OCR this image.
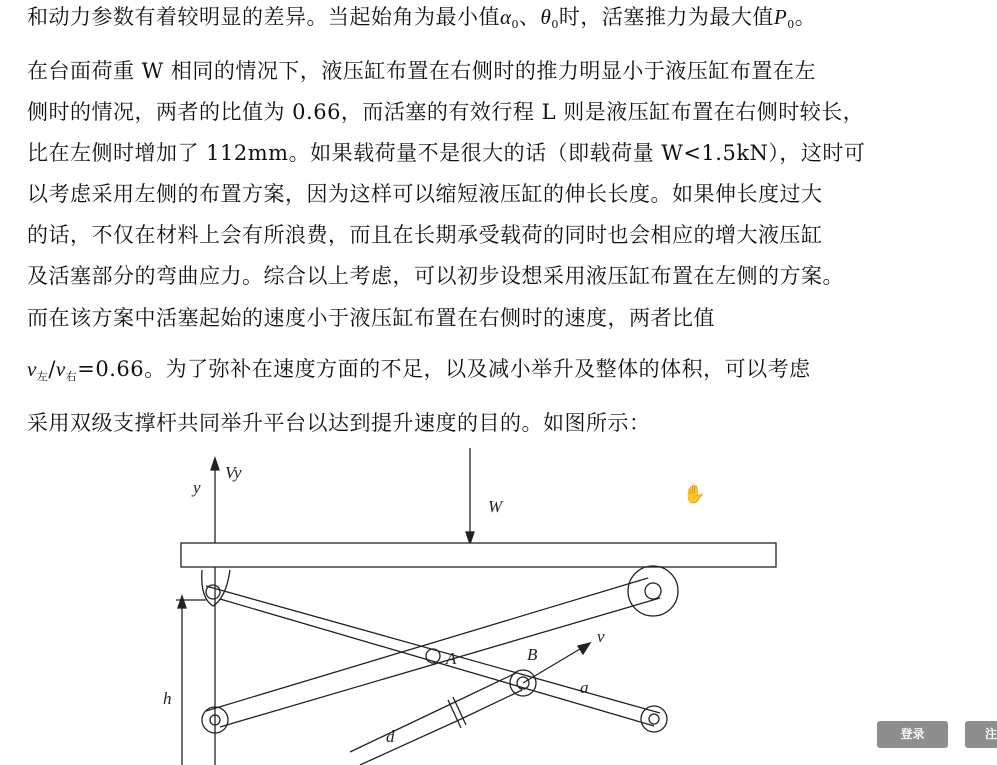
和动力参数有着较明显的差异。当起始角为最小值$\alpha_0$、$\theta_0$时，活塞推力为最大值$P_0$。
在台面荷重 W 相同的情况下，液压缸布置在右侧时的推力明显小于液压缸布置在左
侧时的情况，两者的比值为 0.66，而活塞的有效行程 L 则是液压缸布置在右侧时较长，
比在左侧时增加了 112mm。如果载荷量不是很大的话（即载荷量 W<1.5kN），这时可
以考虑采用左侧的布置方案，因为这样可以缩短液压缸的伸长长度。如果伸长度过大
的话，不仅在材料上会有所浪费，而且在长期承受载荷的同时也会相应的增大液压缸
及活塞部分的弯曲应力。综合以上考虑，可以初步设想采用液压缸布置在左侧的方案。
而在该方案中活塞起始的速度小于液压缸布置在右侧时的速度，两者比值
$v_左/v_右=0.66$。为了弥补在速度方面的不足，以及减小举升及整体的体积，可以考虑
采用双级支撑杆共同举升平台以达到提升速度的目的。如图所示：
Vy
y
W
v
A	B
a
h
d
✋
登录	注
